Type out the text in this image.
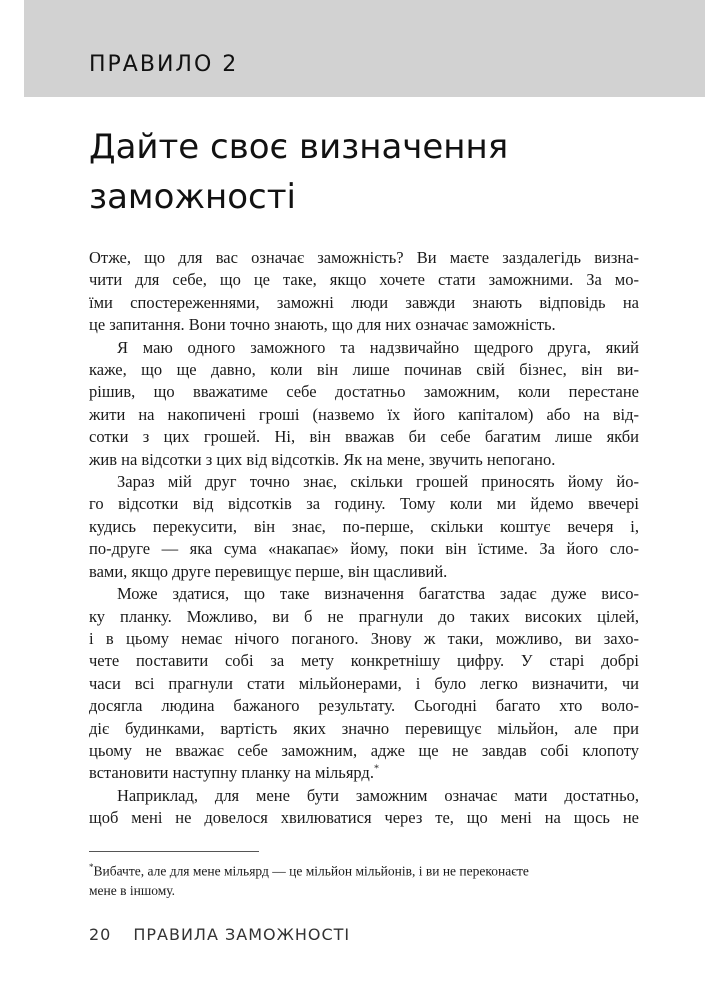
ПРАВИЛО 2
Дайте своє визначення
заможності

Отже, що для вас означає заможність? Ви маєте заздалегідь визна-
чити для себе, що це таке, якщо хочете стати заможними. За мо-
їми спостереженнями, заможні люди завжди знають відповідь на
це запитання. Вони точно знають, що для них означає заможність.

Я маю одного заможного та надзвичайно щедрого друга, який
каже, що ще давно, коли він лише починав свій бізнес, він ви-
рішив, що вважатиме себе достатньо заможним, коли перестане
жити на накопичені гроші (назвемо їх його капіталом) або на від-
сотки з цих грошей. Ні, він вважав би себе багатим лише якби
жив на відсотки з цих від відсотків. Як на мене, звучить непогано.

Зараз мій друг точно знає, скільки грошей приносять йому йо-
го відсотки від відсотків за годину. Тому коли ми йдемо ввечері
кудись перекусити, він знає, по-перше, скільки коштує вечеря і,
по-друге — яка сума «накапає» йому, поки він їстиме. За його сло-
вами, якщо друге перевищує перше, він щасливий.

Може здатися, що таке визначення багатства задає дуже висо-
ку планку. Можливо, ви б не прагнули до таких високих цілей,
і в цьому немає нічого поганого. Знову ж таки, можливо, ви захо-
чете поставити собі за мету конкретнішу цифру. У старі добрі
часи всі прагнули стати мільйонерами, і було легко визначити, чи
досягла людина бажаного результату. Сьогодні багато хто воло-
діє будинками, вартість яких значно перевищує мільйон, але при
цьому не вважає себе заможним, адже ще не завдав собі клопоту
встановити наступну планку на мільярд.*

Наприклад, для мене бути заможним означає мати достатньо,
щоб мені не довелося хвилюватися через те, що мені на щось не

*Вибачте, але для мене мільярд — це мільйон мільйонів, і ви не переконаєте
мене в іншому.
20 ПРАВИЛА ЗАМОЖНОСТІ
